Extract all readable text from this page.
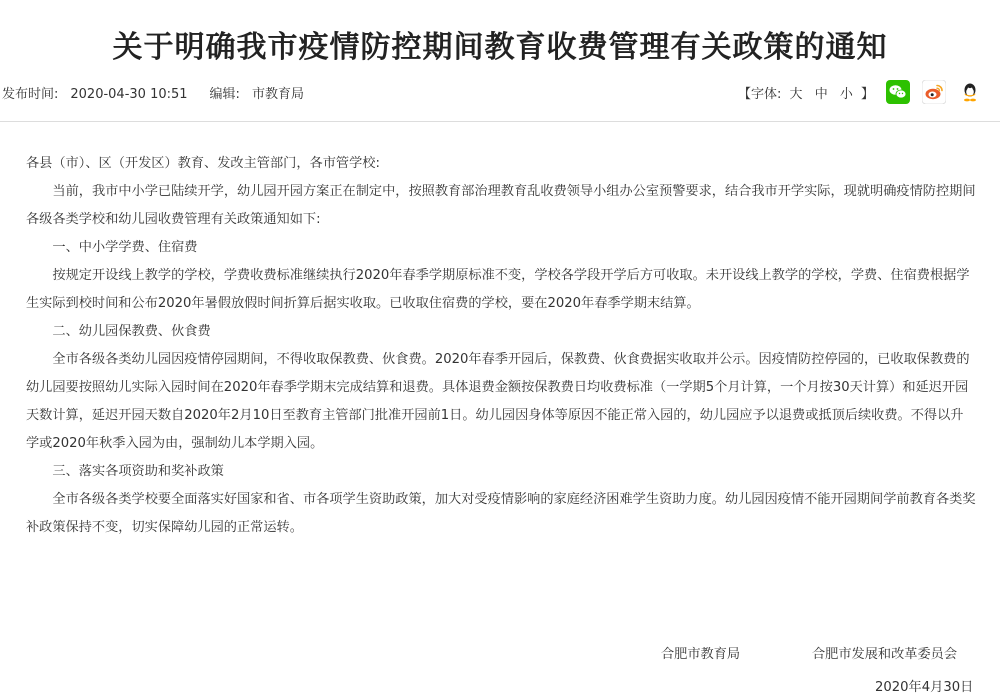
关于明确我市疫情防控期间教育收费管理有关政策的通知
发布时间: 2020-04-30 10:51 编辑: 市教育局	【字体: 大 中 小 】

各县（市）、区（开发区）教育、发改主管部门，各市管学校:

当前，我市中小学已陆续开学，幼儿园开园方案正在制定中，按照教育部治理教育乱收费领导小组办公室预警要求，结合我市开学实际，现就明确疫情防控期间各级各类学校和幼儿园收费管理有关政策通知如下:

一、中小学学费、住宿费

按规定开设线上教学的学校，学费收费标准继续执行2020年春季学期原标准不变，学校各学段开学后方可收取。未开设线上教学的学校，学费、住宿费根据学生实际到校时间和公布2020年暑假放假时间折算后据实收取。已收取住宿费的学校，要在2020年春季学期末结算。

二、幼儿园保教费、伙食费

全市各级各类幼儿园因疫情停园期间，不得收取保教费、伙食费。2020年春季开园后，保教费、伙食费据实收取并公示。因疫情防控停园的，已收取保教费的幼儿园要按照幼儿实际入园时间在2020年春季学期末完成结算和退费。具体退费金额按保教费日均收费标准（一学期5个月计算，一个月按30天计算）和延迟开园天数计算，延迟开园天数自2020年2月10日至教育主管部门批准开园前1日。幼儿园因身体等原因不能正常入园的，幼儿园应予以退费或抵顶后续收费。不得以升学或2020年秋季入园为由，强制幼儿本学期入园。

三、落实各项资助和奖补政策

全市各级各类学校要全面落实好国家和省、市各项学生资助政策，加大对受疫情影响的家庭经济困难学生资助力度。幼儿园因疫情不能开园期间学前教育各类奖补政策保持不变，切实保障幼儿园的正常运转。

合肥市教育局	合肥市发展和改革委员会
2020年4月30日
